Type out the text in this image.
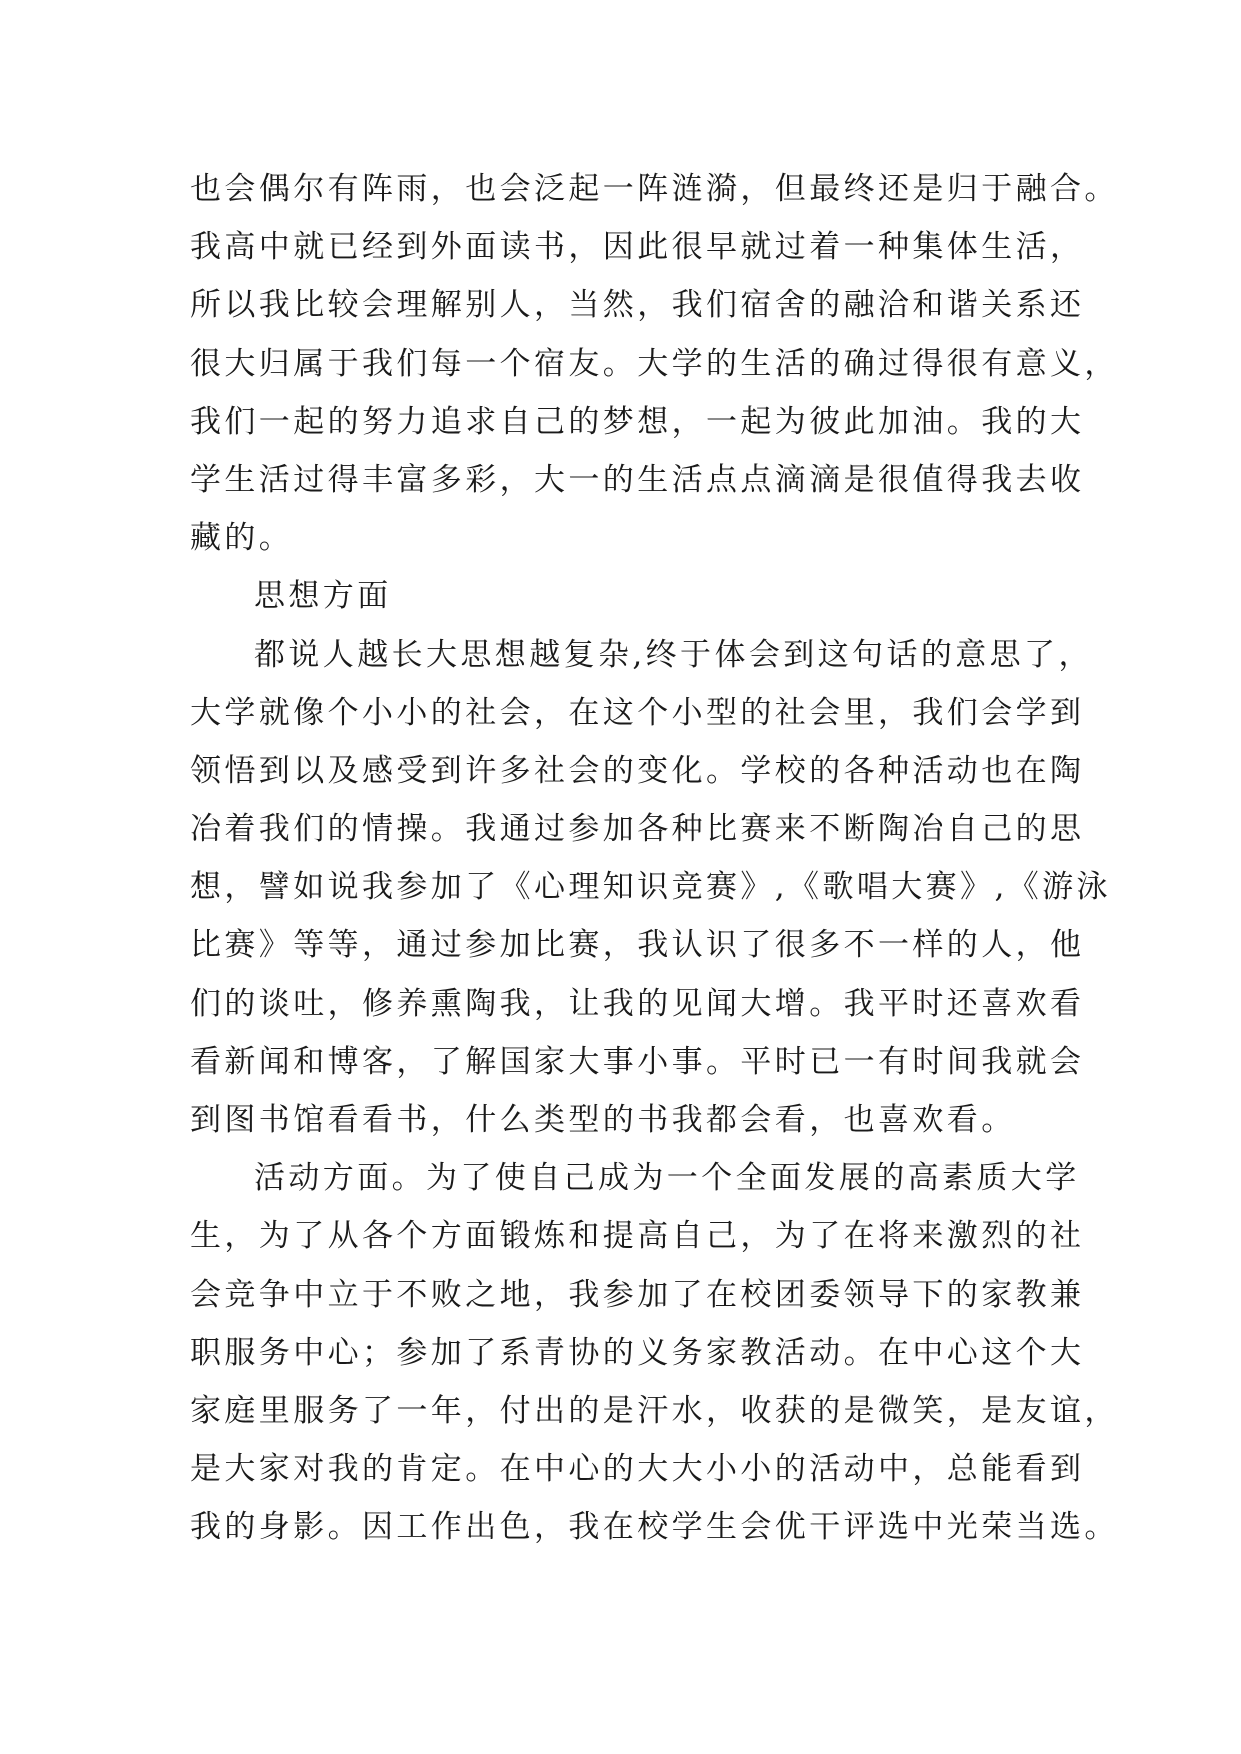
也会偶尔有阵雨，也会泛起一阵涟漪，但最终还是归于融合。
我高中就已经到外面读书，因此很早就过着一种集体生活，
所以我比较会理解别人，当然，我们宿舍的融洽和谐关系还
很大归属于我们每一个宿友。大学的生活的确过得很有意义，
我们一起的努力追求自己的梦想，一起为彼此加油。我的大
学生活过得丰富多彩，大一的生活点点滴滴是很值得我去收
藏的。
思想方面
都说人越长大思想越复杂,终于体会到这句话的意思了，
大学就像个小小的社会，在这个小型的社会里，我们会学到
领悟到以及感受到许多社会的变化。学校的各种活动也在陶
冶着我们的情操。我通过参加各种比赛来不断陶冶自己的思
想，譬如说我参加了《心理知识竞赛》,《歌唱大赛》,《游泳
比赛》等等，通过参加比赛，我认识了很多不一样的人，他
们的谈吐，修养熏陶我，让我的见闻大增。我平时还喜欢看
看新闻和博客，了解国家大事小事。平时已一有时间我就会
到图书馆看看书，什么类型的书我都会看，也喜欢看。
活动方面。为了使自己成为一个全面发展的高素质大学
生，为了从各个方面锻炼和提高自己，为了在将来激烈的社
会竞争中立于不败之地，我参加了在校团委领导下的家教兼
职服务中心；参加了系青协的义务家教活动。在中心这个大
家庭里服务了一年，付出的是汗水，收获的是微笑，是友谊，
是大家对我的肯定。在中心的大大小小的活动中，总能看到
我的身影。因工作出色，我在校学生会优干评选中光荣当选。
